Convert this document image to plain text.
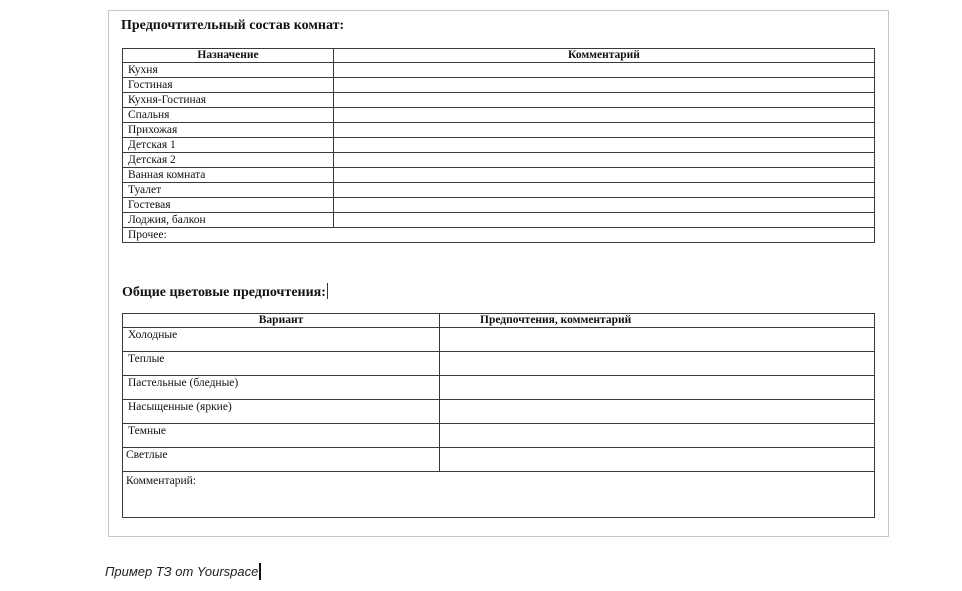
Предпочтительный состав комнат:
Назначение	Комментарий
Кухня	
Гостиная	
Кухня-Гостиная	
Спальня	
Прихожая	
Детская 1	
Детская 2	
Ванная комната	
Туалет	
Гостевая	
Лоджия, балкон	
Прочее:	
Общие цветовые предпочтения:
Вариант	Предпочтения, комментарий
Холодные	
Теплые	
Пастельные (бледные)	
Насыщенные (яркие)	
Темные	
Светлые	
Комментарий:	
Пример ТЗ от Yourspace
